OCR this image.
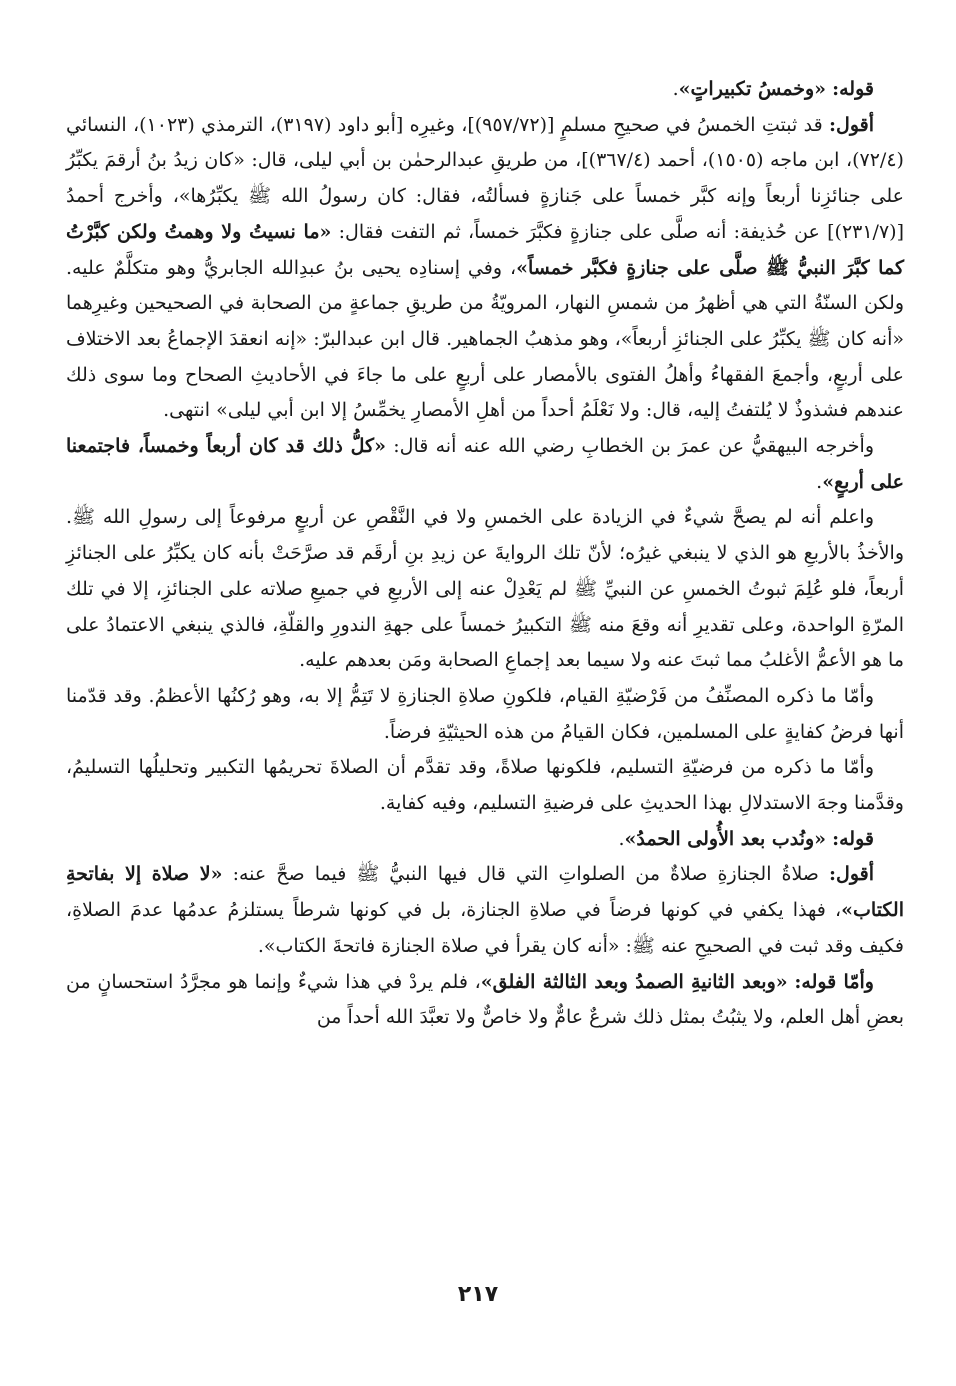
قوله: «وخمسُ تكبيراتٍ».

أقول: قد ثبتتِ الخمسُ في صحيحِ مسلمٍ [(٩٥٧/٧٢)]، وغيرِه [أبو داود (٣١٩٧)، الترمذي (١٠٢٣)، النسائي (٧٢/٤)، ابن ماجه (١٥٠٥)، أحمد (٣٦٧/٤)]، من طريقِ عبدالرحمٰن بن أبي ليلى، قال: «كان زيدُ بنُ أرقمَ يكبِّرُ على جنائزِنا أربعاً وإنه كبَّر خمساً على جَنازةٍ فسألتُه، فقال: كان رسولُ الله ﷺ يكبِّرُها»، وأخرج أحمدُ [(٢٣١/٧)] عن حُذيفة: أنه صلَّى على جنازةٍ فكبَّرَ خمساً، ثم التفت فقال: «ما نسيتُ ولا وهمتُ ولكن كبَّرْتُ كما كبَّرَ النبيُّ ﷺ صلَّى على جنازةٍ فكبَّر خمساً»، وفي إسنادِه يحيى بنُ عبدِالله الجابريُّ وهو متكلَّمٌ عليه. ولكن السنّةُ التي هي أظهرُ من شمسِ النهار، المرويّةُ من طريقِ جماعةٍ من الصحابة في الصحيحين وغيرِهما «أنه كان ﷺ يكبِّرُ على الجنائزِ أربعاً»، وهو مذهبُ الجماهير. قال ابن عبدالبرّ: «إنه انعقدَ الإجماعُ بعد الاختلاف على أربعٍ، وأجمعَ الفقهاءُ وأهلُ الفتوى بالأمصار على أربعٍ على ما جاءَ في الأحاديثِ الصحاح وما سوى ذلك عندهم فشذوذٌ لا يُلتفتُ إليه، قال: ولا نَعْلَمُ أحداً من أهلِ الأمصارِ يخمِّسُ إلا ابن أبي ليلى» انتهى.

وأخرجه البيهقيُّ عن عمرَ بن الخطابِ رضي الله عنه أنه قال: «كلُّ ذلك قد كان أربعاً وخمساً، فاجتمعنا على أربعٍ».

واعلم أنه لم يصحَّ شيءٌ في الزيادة على الخمسِ ولا في النَّقْصِ عن أربعٍ مرفوعاً إلى رسولِ الله ﷺ. والأخذُ بالأربعِ هو الذي لا ينبغي غيرُه؛ لأنّ تلك الروايةَ عن زيدِ بنِ أرقَم قد صرَّحَتْ بأنه كان يكبِّرُ على الجنائزِ أربعاً، فلو عُلِمَ ثبوتُ الخمسِ عن النبيِّ ﷺ لم يَعْدِلْ عنه إلى الأربعِ في جميعِ صلاته على الجنائزِ، إلا في تلك المرّةِ الواحدة، وعلى تقديرِ أنه وقعَ منه ﷺ التكبيرُ خمساً على جهةِ الندورِ والقلّةِ، فالذي ينبغي الاعتمادُ على ما هو الأعمُّ الأغلبُ مما ثبتَ عنه ولا سيما بعد إجماعِ الصحابة ومَن بعدهم عليه.

وأمّا ما ذكره المصنِّفُ من فَرْضيّةِ القيام، فلكونِ صلاةِ الجنازةِ لا تَتِمُّ إلا به، وهو رُكنُها الأعظمُ. وقد قدّمنا أنها فرضُ كفايةٍ على المسلمين، فكان القيامُ من هذه الحيثيّةِ فرضاً.

وأمّا ما ذكره من فرضيّةِ التسليم، فلكونها صلاةً، وقد تقدَّم أن الصلاةَ تحريمُها التكبير وتحليلُها التسليمُ، وقدَّمنا وجهَ الاستدلالِ بهذا الحديثِ على فرضيةِ التسليم، وفيه كفاية.

قوله: «ونُدب بعد الأُولى الحمدُ».

أقول: صلاةُ الجنازةِ صلاةٌ من الصلواتِ التي قال فيها النبيُّ ﷺ فيما صحَّ عنه: «لا صلاة إلا بفاتحةِ الكتاب»، فهذا يكفي في كونها فرضاً في صلاةِ الجنازة، بل في كونها شرطاً يستلزمُ عدمُها عدمَ الصلاةِ، فكيف وقد ثبت في الصحيحِ عنه ﷺ: «أنه كان يقرأ في صلاة الجنازة فاتحةَ الكتاب».

وأمّا قوله: «وبعد الثانيةِ الصمدُ وبعد الثالثة الفلق»، فلم يردْ في هذا شيءٌ وإنما هو مجرَّدُ استحسانٍ من بعضِ أهل العلم، ولا يثبُتُ بمثل ذلك شرعٌ عامٌّ ولا خاصٌّ ولا تعبَّدَ الله أحداً من

٢١٧
